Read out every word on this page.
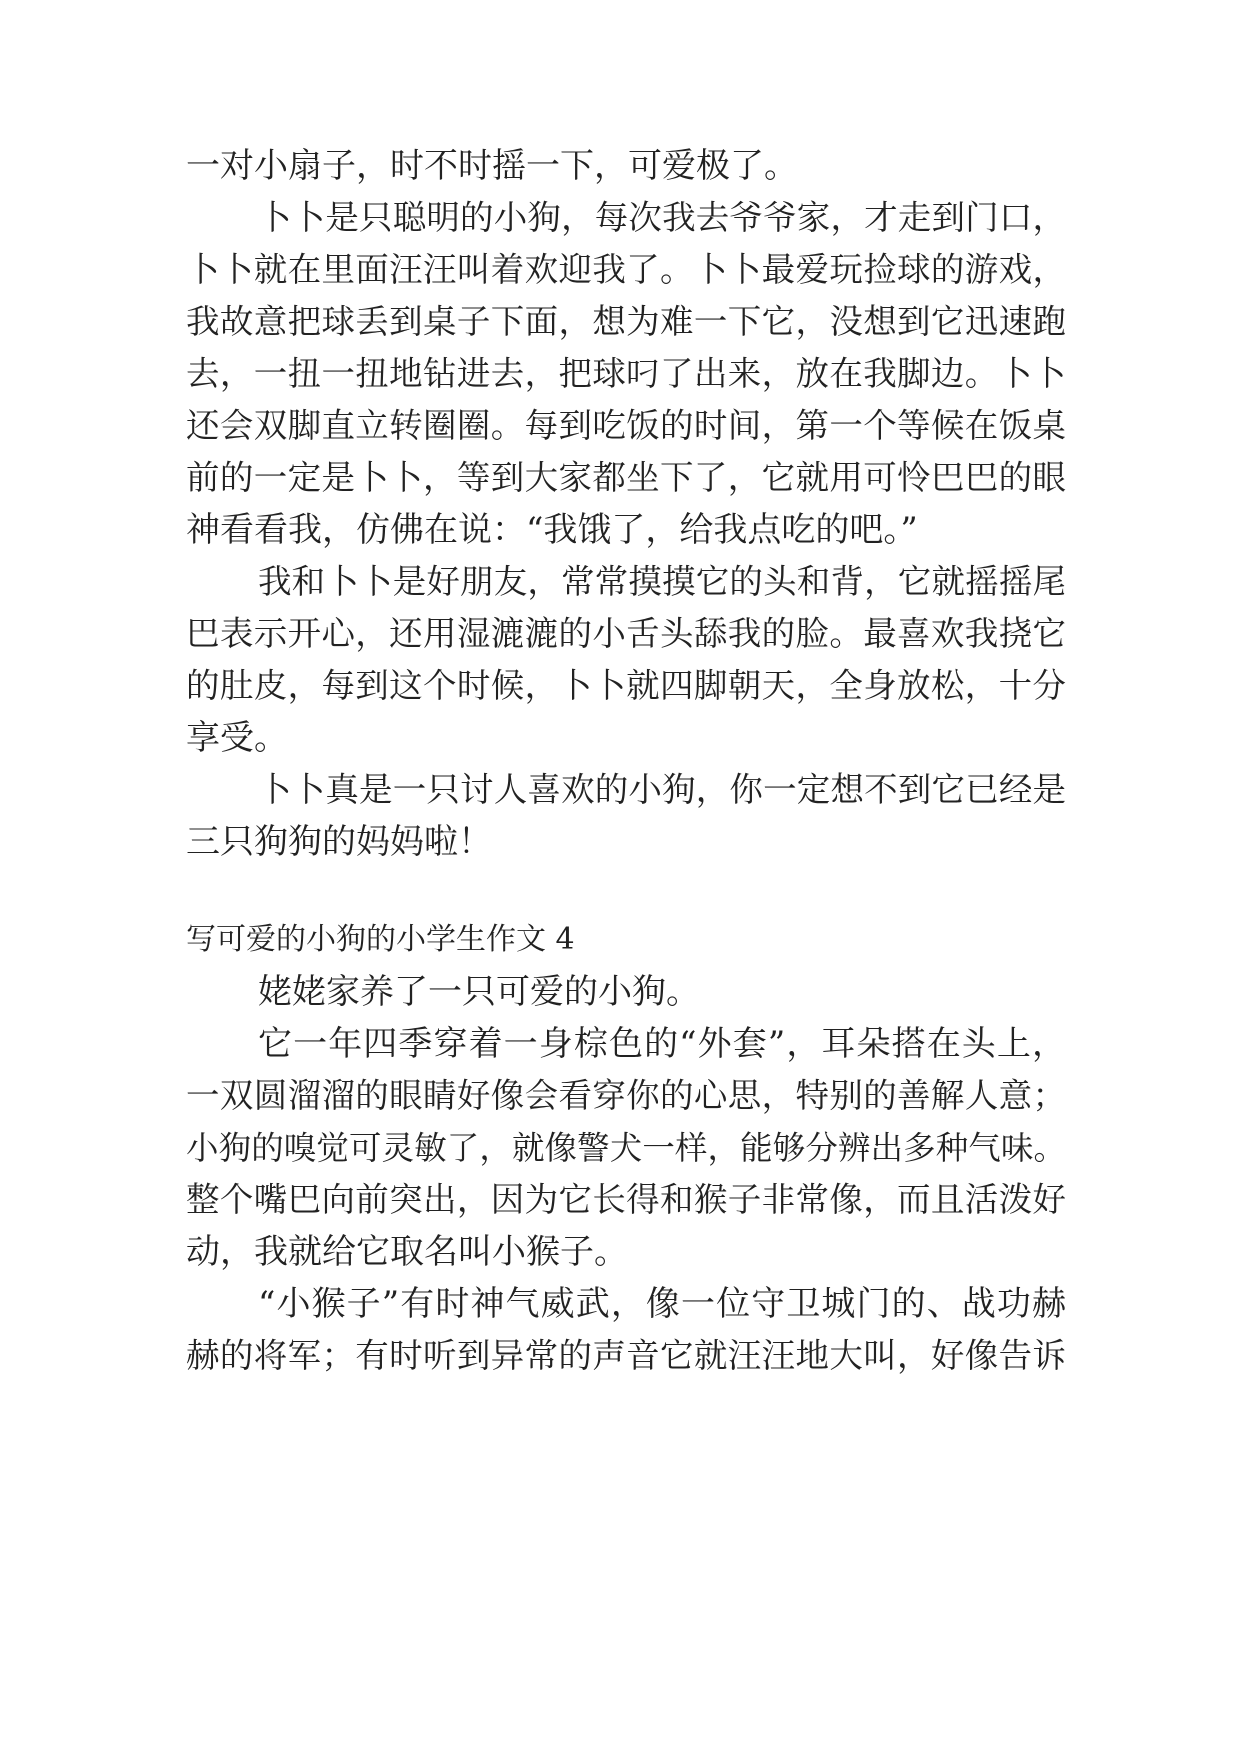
一对小扇子，时不时摇一下，可爱极了。
卜卜是只聪明的小狗，每次我去爷爷家，才走到门口，
卜卜就在里面汪汪叫着欢迎我了。卜卜最爱玩捡球的游戏，
我故意把球丢到桌子下面，想为难一下它，没想到它迅速跑
去，一扭一扭地钻进去，把球叼了出来，放在我脚边。卜卜
还会双脚直立转圈圈。每到吃饭的时间，第一个等候在饭桌
前的一定是卜卜，等到大家都坐下了，它就用可怜巴巴的眼
神看看我，仿佛在说：“我饿了，给我点吃的吧。”
我和卜卜是好朋友，常常摸摸它的头和背，它就摇摇尾
巴表示开心，还用湿漉漉的小舌头舔我的脸。最喜欢我挠它
的肚皮，每到这个时候，卜卜就四脚朝天，全身放松，十分
享受。
卜卜真是一只讨人喜欢的小狗，你一定想不到它已经是
三只狗狗的妈妈啦！
写可爱的小狗的小学生作文 4
姥姥家养了一只可爱的小狗。
它一年四季穿着一身棕色的“外套”，耳朵搭在头上，
一双圆溜溜的眼睛好像会看穿你的心思，特别的善解人意；
小狗的嗅觉可灵敏了，就像警犬一样，能够分辨出多种气味。
整个嘴巴向前突出，因为它长得和猴子非常像，而且活泼好
动，我就给它取名叫小猴子。
“小猴子”有时神气威武，像一位守卫城门的、战功赫
赫的将军；有时听到异常的声音它就汪汪地大叫，好像告诉
